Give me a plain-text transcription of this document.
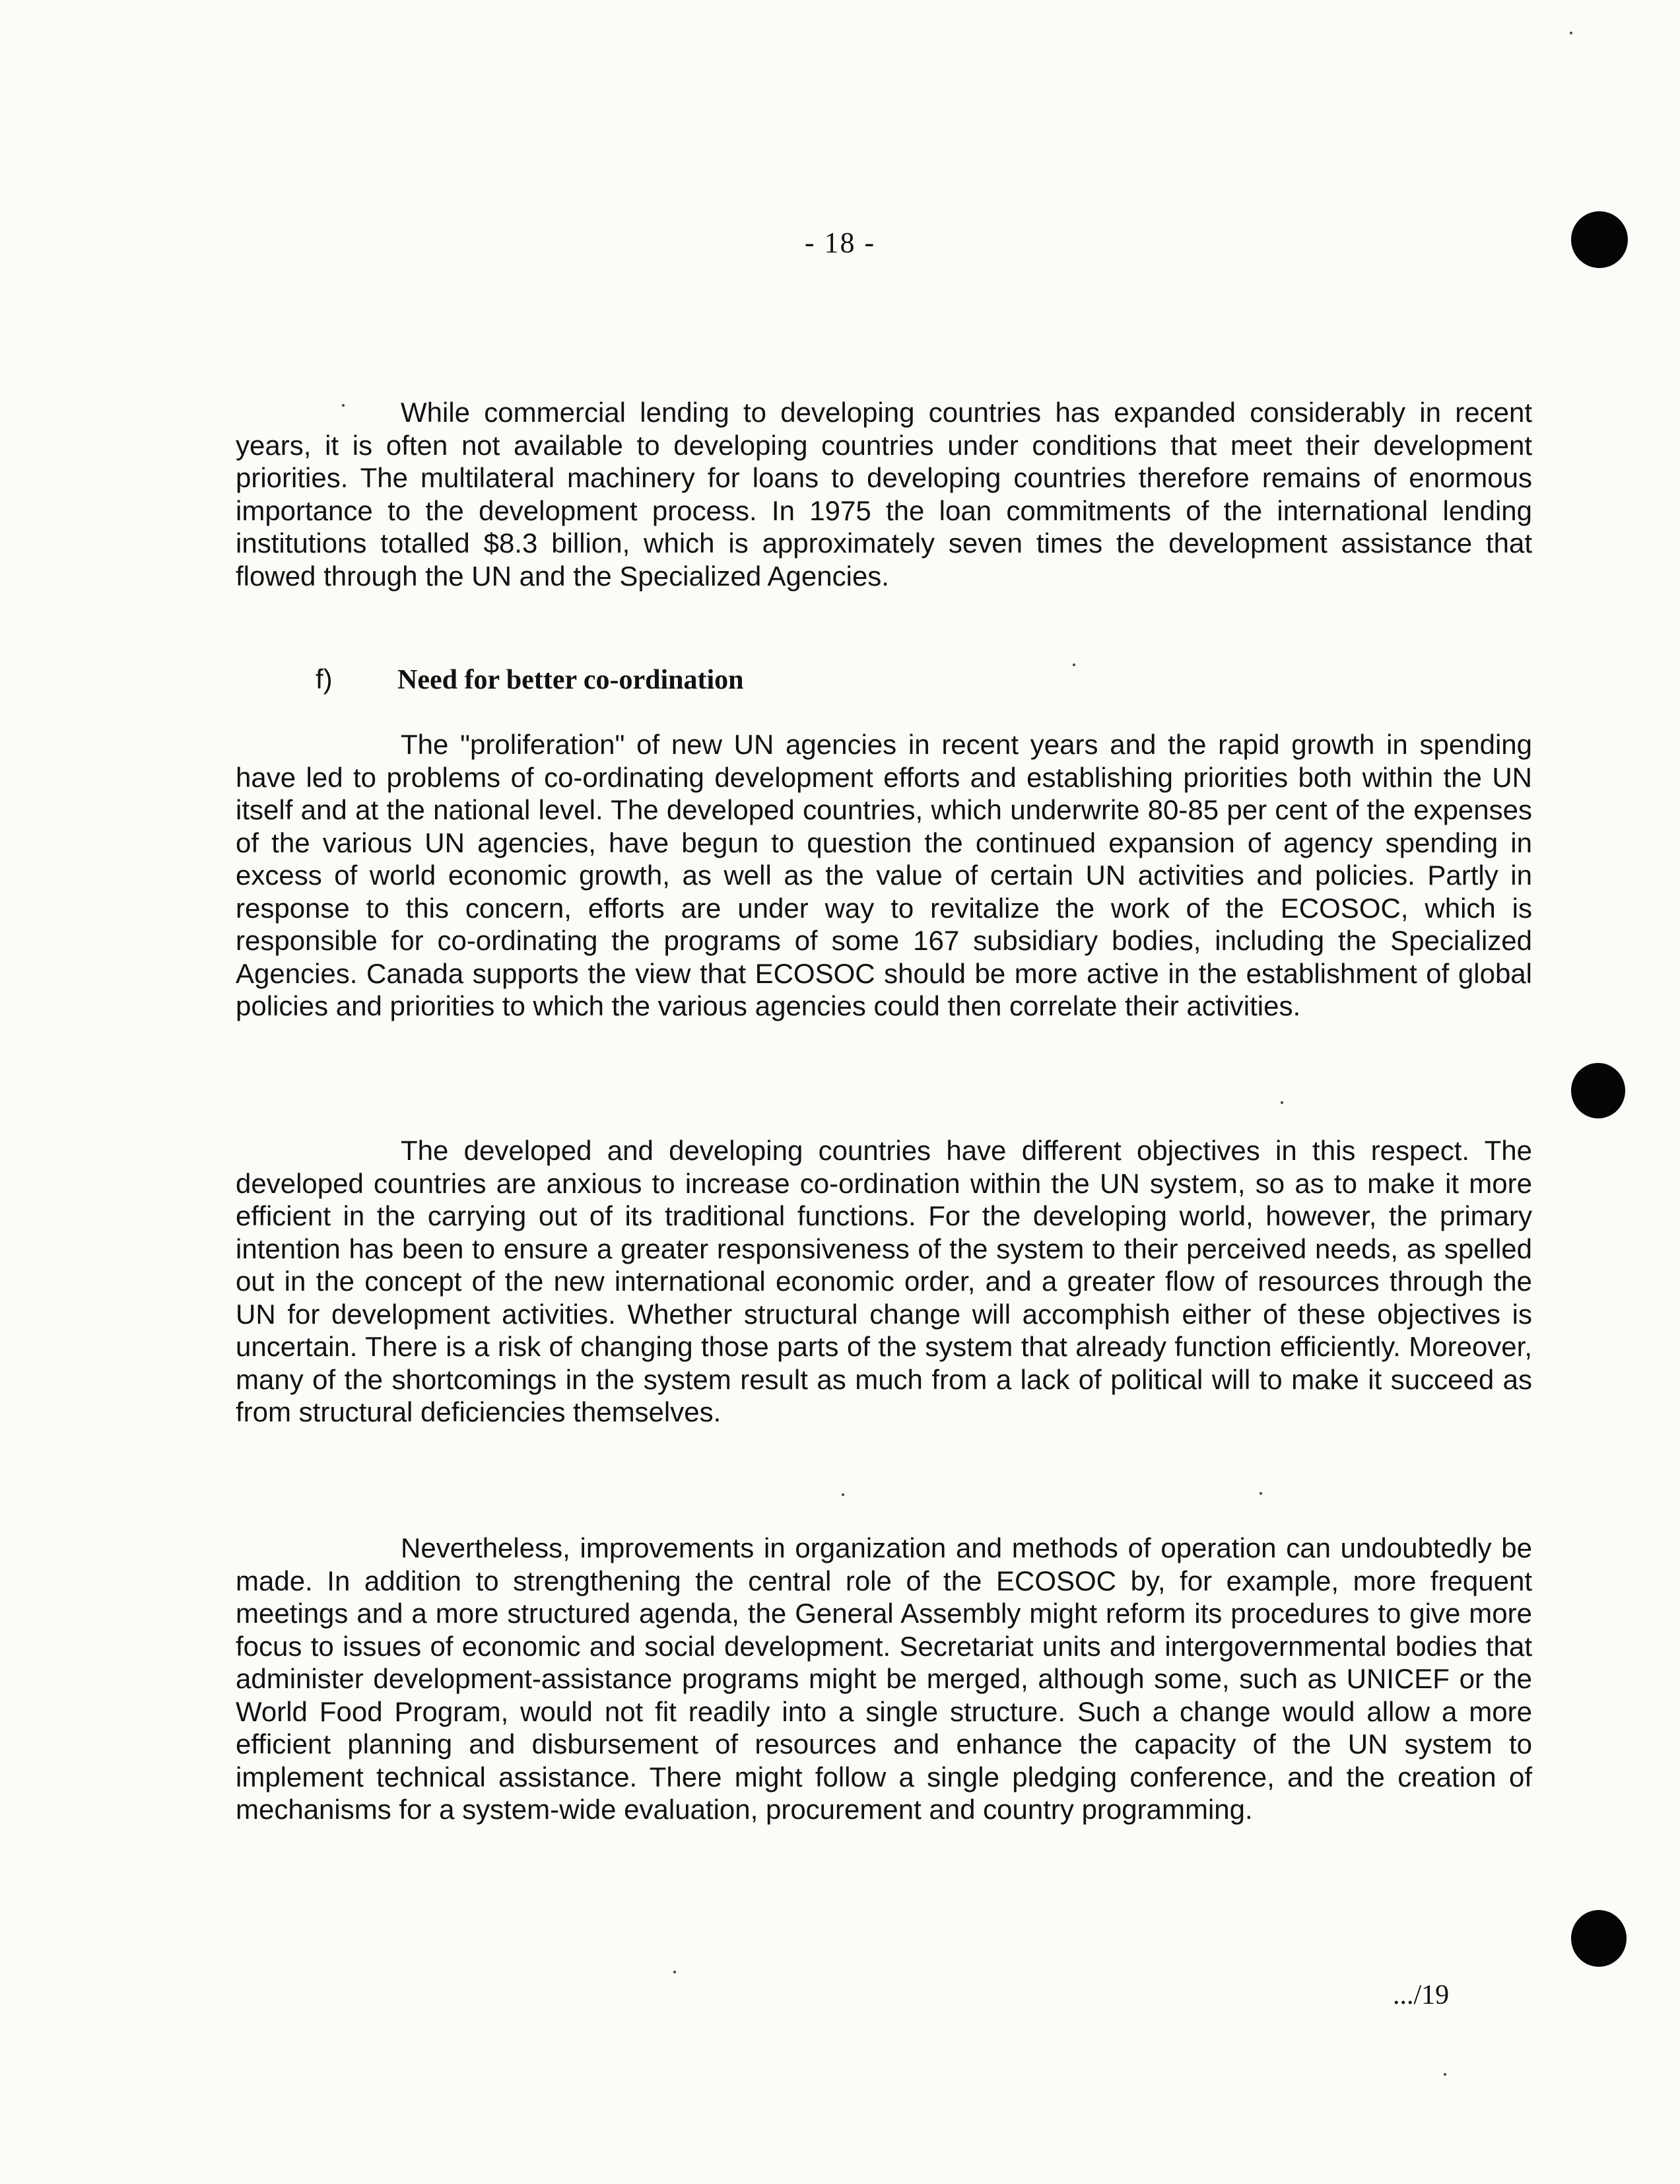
- 18 -

While commercial lending to developing countries has expanded considerably in recent years, it is often not available to developing countries under conditions that meet their development priorities. The multilateral machinery for loans to developing countries therefore remains of enormous importance to the development process. In 1975 the loan commitments of the international lending institutions totalled $8.3 billion, which is approximately seven times the development assistance that flowed through the UN and the Specialized Agencies.

f) Need for better co-ordination

The "proliferation" of new UN agencies in recent years and the rapid growth in spending have led to problems of co-ordinating development efforts and establishing priorities both within the UN itself and at the national level. The developed countries, which underwrite 80-85 per cent of the expenses of the various UN agencies, have begun to question the continued expansion of agency spending in excess of world economic growth, as well as the value of certain UN activities and policies. Partly in response to this concern, efforts are under way to revitalize the work of the ECOSOC, which is responsible for co-ordinating the programs of some 167 subsidiary bodies, including the Specialized Agencies. Canada supports the view that ECOSOC should be more active in the establishment of global policies and priorities to which the various agencies could then correlate their activities.

The developed and developing countries have different objectives in this respect. The developed countries are anxious to increase co-ordination within the UN system, so as to make it more efficient in the carrying out of its traditional functions. For the developing world, however, the primary intention has been to ensure a greater responsiveness of the system to their perceived needs, as spelled out in the concept of the new international economic order, and a greater flow of resources through the UN for development activities. Whether structural change will accomphish either of these objectives is uncertain. There is a risk of changing those parts of the system that already function efficiently. Moreover, many of the shortcomings in the system result as much from a lack of political will to make it succeed as from structural deficiencies themselves.

Nevertheless, improvements in organization and methods of operation can undoubtedly be made. In addition to strengthening the central role of the ECOSOC by, for example, more frequent meetings and a more structured agenda, the General Assembly might reform its procedures to give more focus to issues of economic and social development. Secretariat units and intergovernmental bodies that administer development-assistance programs might be merged, although some, such as UNICEF or the World Food Program, would not fit readily into a single structure. Such a change would allow a more efficient planning and disbursement of resources and enhance the capacity of the UN system to implement technical assistance. There might follow a single pledging conference, and the creation of mechanisms for a system-wide evaluation, procurement and country programming.

.../19
